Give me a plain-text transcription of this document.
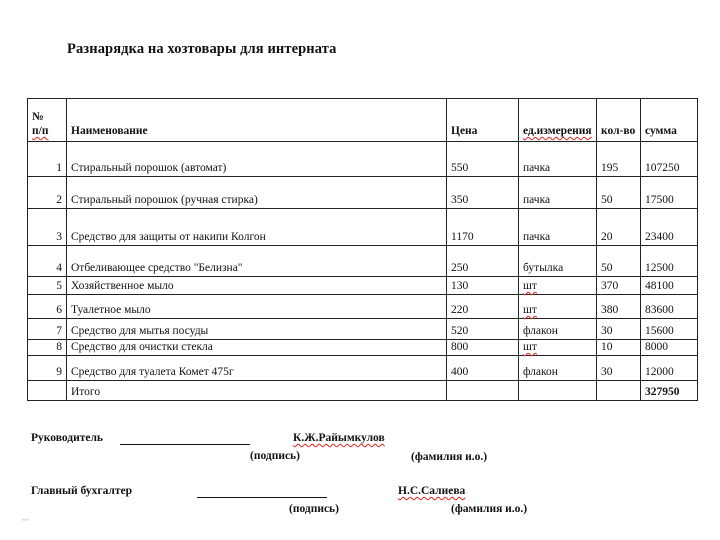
Разнарядка на хозтовары для интерната
№
п/п	Наименование	Цена	ед.измерения	кол-во	сумма
1	Стиральный порошок (автомат)	550	пачка	195	107250
2	Стиральный порошок (ручная стирка)	350	пачка	50	17500
3	Средство для защиты от накипи Колгон	1170	пачка	20	23400
4	Отбеливающее средство "Белизна"	250	бутылка	50	12500
5	Хозяйственное мыло	130	шт	370	48100
6	Туалетное мыло	220	шт	380	83600
7	Средство для мытья посуды	520	флакон	30	15600
8	Средство для очистки стекла	800	шт	10	8000
9	Средство для туалета Комет 475г	400	флакон	30	12000
	Итого				327950
Руководитель	К.Ж.Райымкулов
(подпись)	(фамилия и.о.)
Главный бухгалтер	Н.С.Салиева
(подпись)	(фамилия и.о.)
***
